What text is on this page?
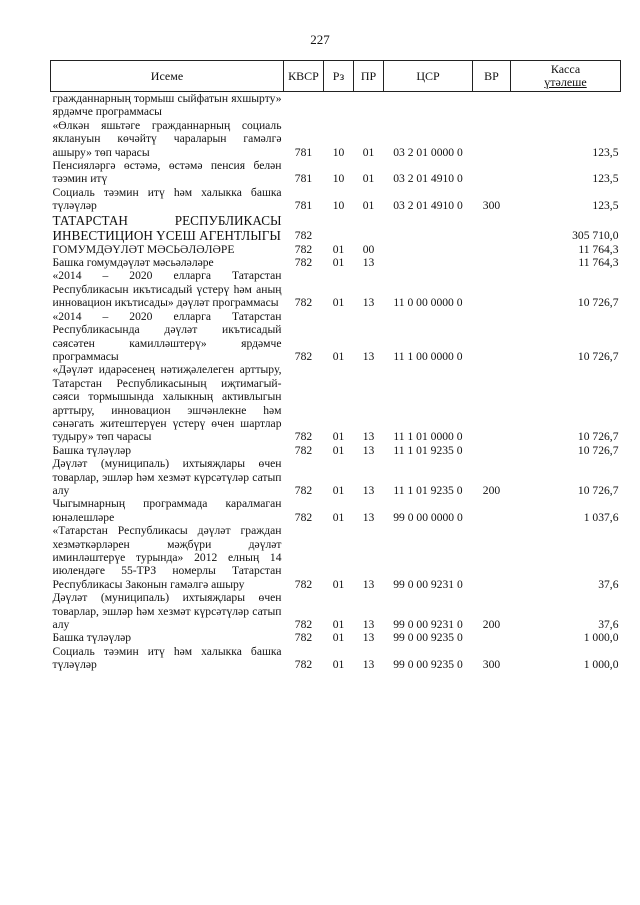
227
Исеме	КВСР	Рз	ПР	ЦСР	ВР	Касса
үтәлеше
гражданнарның тормыш сыйфатын яхшырту» ярдәмче программасы						
«Өлкән яшьтәге гражданнарның социаль яклануын көчәйтү чараларын гамәлгә ашыру» төп чарасы	781	10	01	03 2 01 0000 0		123,5
Пенсияләргә өстәмә, өстәмә пенсия белән тәэмин итү	781	10	01	03 2 01 4910 0		123,5
Социаль тәэмин итү һәм халыкка башка түләүләр	781	10	01	03 2 01 4910 0	300	123,5
ТАТАРСТАН РЕСПУБЛИКАСЫ ИНВЕСТИЦИОН ҮСЕШ АГЕНТЛЫГЫ	782					305 710,0
ГОМУМДӘҮЛӘТ МӘСЬӘЛӘЛӘРЕ	782	01	00			11 764,3
Башка гомумдәүләт мәсьәләләре	782	01	13			11 764,3
«2014 – 2020 елларга Татарстан Республикасын икътисадый үстерү һәм аның инновацион икътисады» дәүләт программасы	782	01	13	11 0 00 0000 0		10 726,7
«2014 – 2020 елларга Татарстан Республикасында дәүләт икътисадый сәясәтен камилләштерү» ярдәмче программасы	782	01	13	11 1 00 0000 0		10 726,7
«Дәүләт идарәсенең нәтиҗәлелеген арттыру, Татарстан Республикасының иҗтимагый-сәяси тормышында халыкның активлыгын арттыру, инновацион эшчәнлекне һәм сәнәгать житештерүен үстерү өчен шартлар тудыру» төп чарасы	782	01	13	11 1 01 0000 0		10 726,7
Башка түләүләр	782	01	13	11 1 01 9235 0		10 726,7
Дәүләт (муниципаль) ихтыяҗлары өчен товарлар, эшләр һәм хезмәт күрсәтүләр сатып алу	782	01	13	11 1 01 9235 0	200	10 726,7
Чыгымнарның программада каралмаган юнәлешләре	782	01	13	99 0 00 0000 0		1 037,6
«Татарстан Республикасы дәүләт граждан хезмәткәрләрен мәҗбүри дәүләт иминләштерүе турында» 2012 елның 14 июлендәге 55-ТРЗ номерлы Татарстан Республикасы Законын гамәлгә ашыру	782	01	13	99 0 00 9231 0		37,6
Дәүләт (муниципаль) ихтыяҗлары өчен товарлар, эшләр һәм хезмәт күрсәтүләр сатып алу	782	01	13	99 0 00 9231 0	200	37,6
Башка түләүләр	782	01	13	99 0 00 9235 0		1 000,0
Социаль тәэмин итү һәм халыкка башка түләүләр	782	01	13	99 0 00 9235 0	300	1 000,0
